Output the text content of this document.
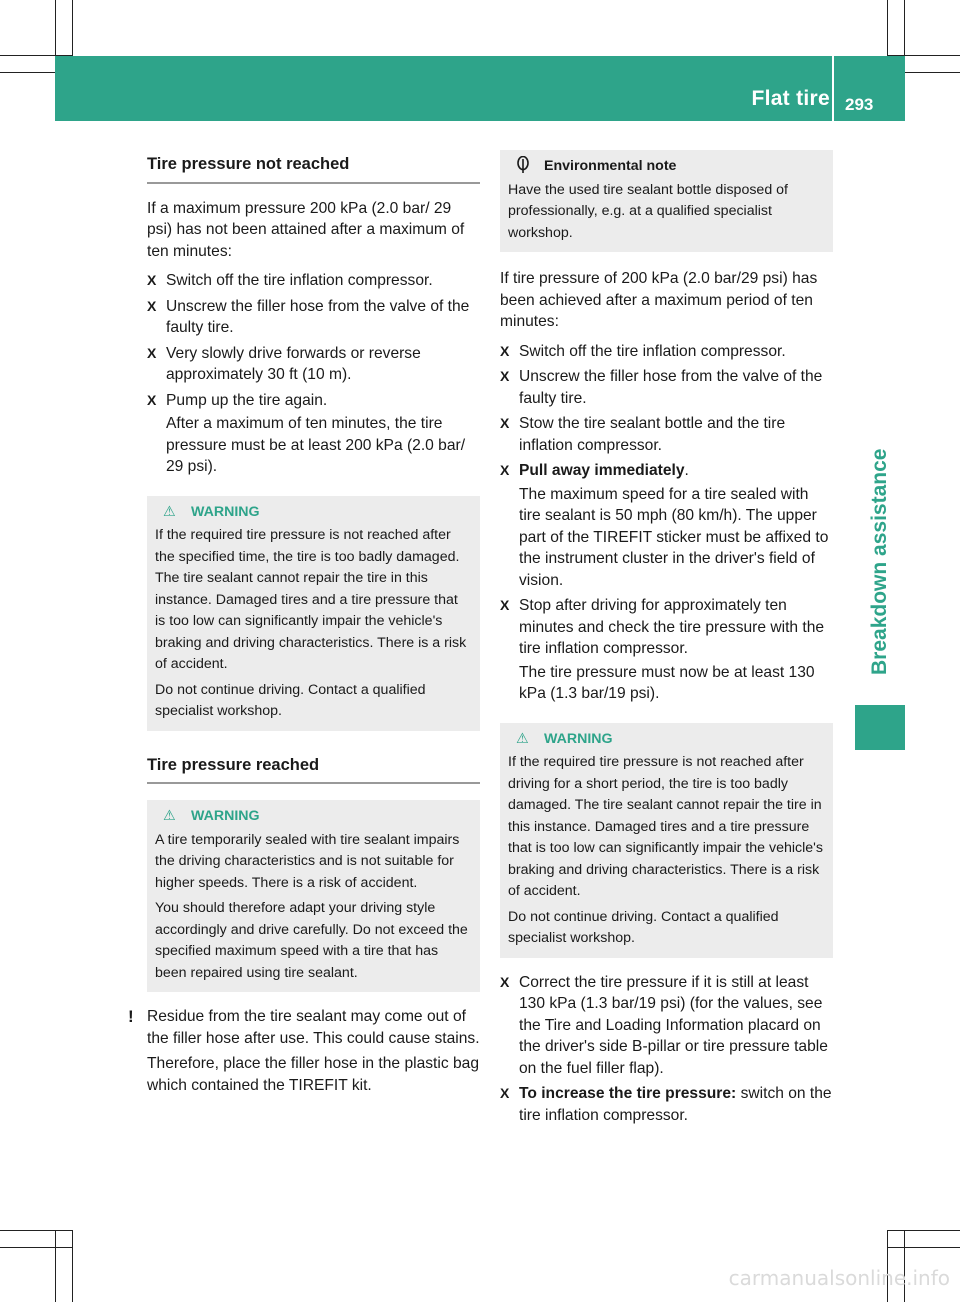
Flat tire 293
Breakdown assistance
Tire pressure not reached

If a maximum pressure 200 kPa (2.0 bar/ 29 psi) has not been attained after a maximum of ten minutes:

X Switch off the tire inflation compressor.
X Unscrew the filler hose from the valve of the faulty tire.
X Very slowly drive forwards or reverse approximately 30 ft (10 m).
X Pump up the tire again.
After a maximum of ten minutes, the tire pressure must be at least 200 kPa (2.0 bar/ 29 psi).
⚠ WARNING

If the required tire pressure is not reached after the specified time, the tire is too badly damaged. The tire sealant cannot repair the tire in this instance. Damaged tires and a tire pressure that is too low can significantly impair the vehicle's braking and driving characteristics. There is a risk of accident.

Do not continue driving. Contact a qualified specialist workshop.

Tire pressure reached
⚠ WARNING

A tire temporarily sealed with tire sealant impairs the driving characteristics and is not suitable for higher speeds. There is a risk of accident.

You should therefore adapt your driving style accordingly and drive carefully. Do not exceed the specified maximum speed with a tire that has been repaired using tire sealant.

! Residue from the tire sealant may come out of the filler hose after use. This could cause stains.

Therefore, place the filler hose in the plastic bag which contained the TIREFIT kit.

Environmental note

Have the used tire sealant bottle disposed of professionally, e.g. at a qualified specialist workshop.

If tire pressure of 200 kPa (2.0 bar/29 psi) has been achieved after a maximum period of ten minutes:

X Switch off the tire inflation compressor.
X Unscrew the filler hose from the valve of the faulty tire.
X Stow the tire sealant bottle and the tire inflation compressor.
X Pull away immediately.
The maximum speed for a tire sealed with tire sealant is 50 mph (80 km/h). The upper part of the TIREFIT sticker must be affixed to the instrument cluster in the driver's field of vision.
X Stop after driving for approximately ten minutes and check the tire pressure with the tire inflation compressor.
The tire pressure must now be at least 130 kPa (1.3 bar/19 psi).
⚠ WARNING

If the required tire pressure is not reached after driving for a short period, the tire is too badly damaged. The tire sealant cannot repair the tire in this instance. Damaged tires and a tire pressure that is too low can significantly impair the vehicle's braking and driving characteristics. There is a risk of accident.

Do not continue driving. Contact a qualified specialist workshop.

X Correct the tire pressure if it is still at least 130 kPa (1.3 bar/19 psi) (for the values, see the Tire and Loading Information placard on the driver's side B-pillar or tire pressure table on the fuel filler flap).
X To increase the tire pressure: switch on the tire inflation compressor.
carmanualsonline.info
